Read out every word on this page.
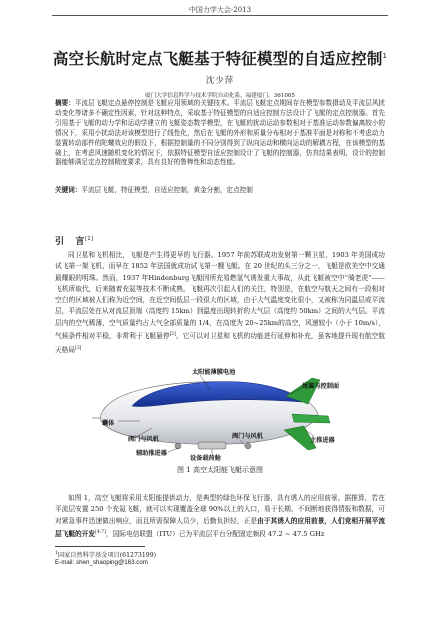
中国力学大会-2013
高空长航时定点飞艇基于特征模型的自适应控制$^1$
沈少萍
厦门大学信息科学与技术学院自动化系，福建厦门，361005
摘要：平流层飞艇定点悬停控制是飞艇应用领域的关键技术。平流层飞艇定点期间存在模型参数摄动及平流层风扰动变化等诸多不确定性因素，针对这种特点，采取基于特征模型的自适应控制方法设计了飞艇的定点控制器。首先引用基于飞艇的动力学和运动学建立的飞艇姿态数学模型，在飞艇的扰动运动参数相对于基准运动参数偏离较小的情况下，采用小扰动法对该模型进行了线性化，然后在飞艇的外形和质量分布相对于基准平面是对称和不考虑动力装置转动部件的陀螺效应的假设下，根据控制量的不同分别得到了纵向运动和横向运动的解耦方程，在该模型的基础上，在考虑风速随机变化的情况下，依据特征模型自适应控制设计了飞艇的控制器，仿真结果表明，设计的控制器能够满足定点控制精度要求，具有良好的鲁棒性和动态性能。
关键词：平流层飞艇，特征模型，自适应控制，黄金分割，定点控制
引 言[1]
同卫星和飞机相比，飞艇是产生得更早的飞行器。1957 年前苏联成功发射第一颗卫星，1903 年美国成功试飞第一架飞机，而早在 1852 年法国就成功试飞第一艘飞艇。在 20 世纪的头三分之一，飞艇是欧美空中交通最耀眼的明珠。然而，1937 年Hindenburg飞艇因所充易燃氢气诱发重大事故，从此飞艇被空中“骑老虎”——飞机所取代，后来随着充氦等技术不断成熟，飞艇再次引起人们的关注，特别是，在航空与航天之间有一段相对空白的区域被人们称为近空间，在近空间低层一段很大的区域，由于大气温度变化很小，又被称为同温层或平流层，平流层处在从对流层顶端（高度约 15km）到温度出现转折的大气层（高度约 50km）之间的大气层。平流层内的空气稀薄，空气质量约占大气全部质量的 1/4，在高度为 20~25km的高空，风速较小（小于 10m/s），气候条件相对平稳，非常利于飞艇悬停[2]。它可以对卫星和飞机的功能进行延伸和补充，虽客地提升现有航空航天格局[3]
太阳能薄膜电池
尾翼与控制面
囊体
阀门与风机	主推进器
辅助推进器
阀门与风机
设备载荷舱
图 1 高空太阳能飞艇示意图
如图 1，高空飞艇将采用太阳能提供动力，是典型的绿色环保飞行器，具有诱人的应用前景。据推算，若在平流层安置 250 个充氦飞艇，就可以实现覆盖全球 90%以上的人口，易于长期、不间断地获得情报和数据，可对紧急事件迅速做出响应，而且所需保障人员少，后勤负担轻，正是由于其诱人的应用前景，人们竞相开展平流层飞艇的开发[4-7]，国际电信联盟（ITU）已为平流层平台分配固定频段 47.2 ~ 47.5 GHz
$^1$国家自然科学基金项目(61273199)
E-mail: shen_shaoping@163.com
